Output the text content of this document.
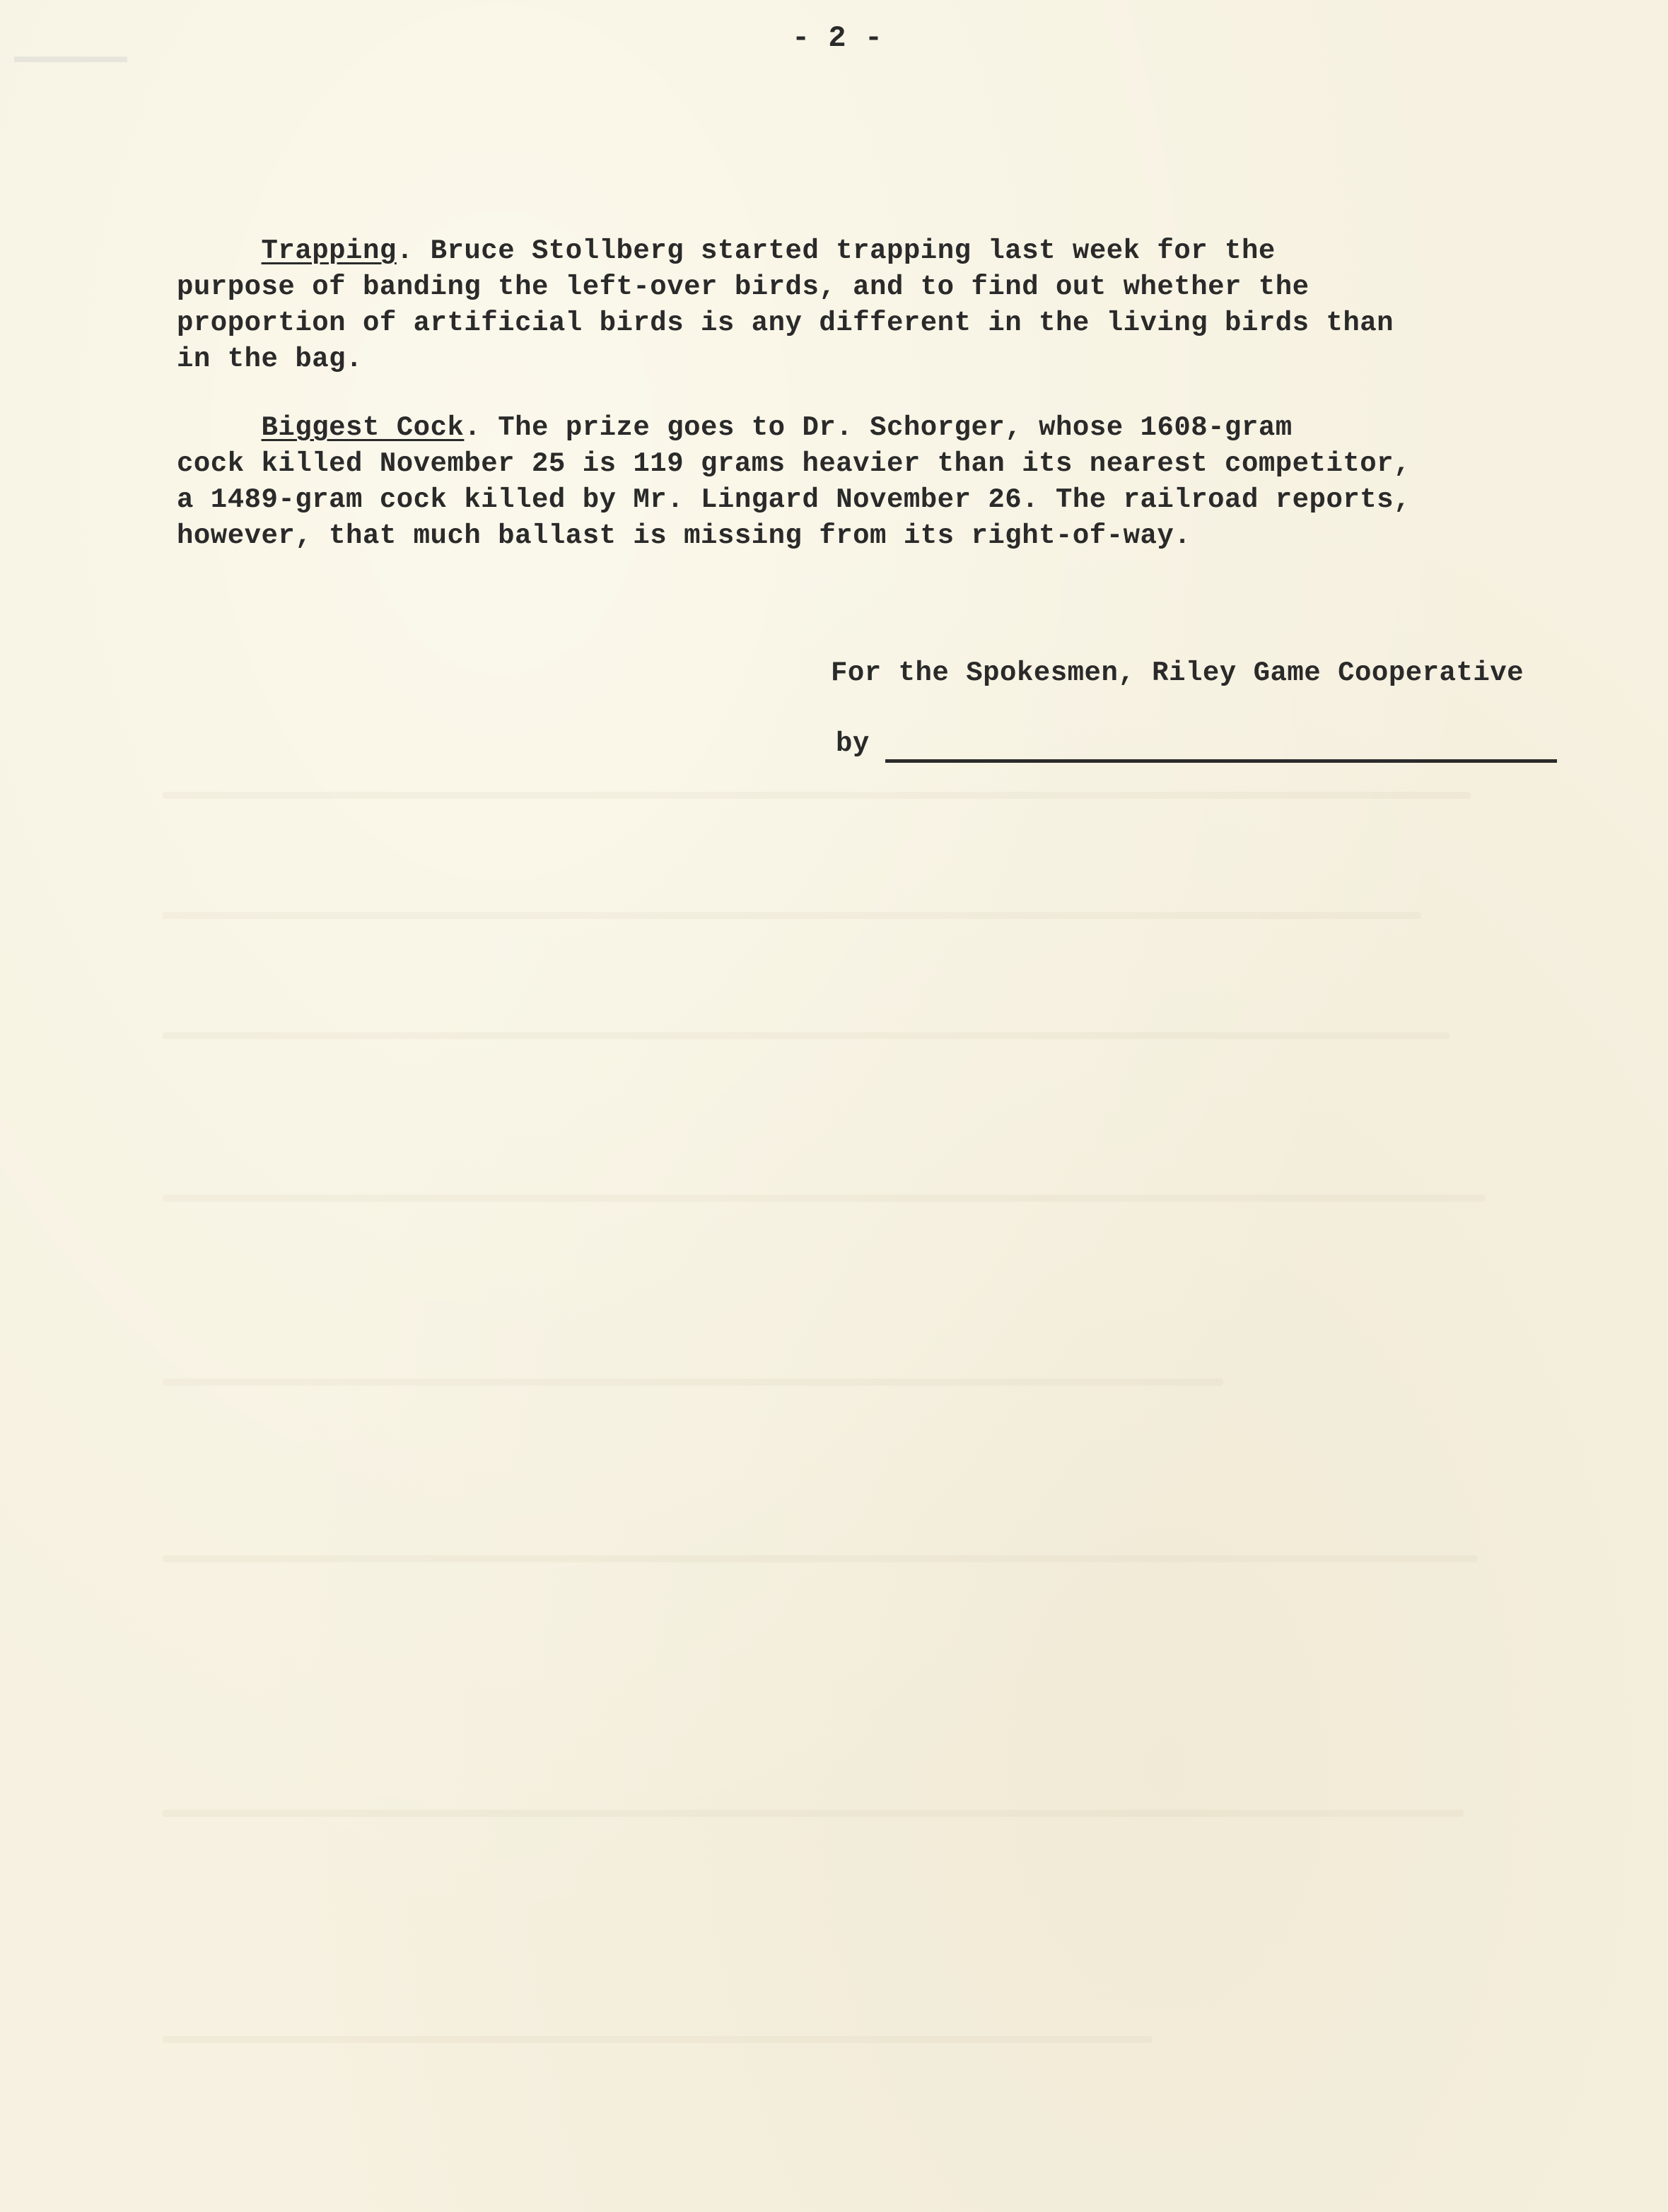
- 2 -
Trapping. Bruce Stollberg started trapping last week for the
purpose of banding the left-over birds, and to find out whether the
proportion of artificial birds is any different in the living birds than
in the bag.
Biggest Cock. The prize goes to Dr. Schorger, whose 1608-gram
cock killed November 25 is 119 grams heavier than its nearest competitor,
a 1489-gram cock killed by Mr. Lingard November 26. The railroad reports,
however, that much ballast is missing from its right-of-way.
For the Spokesmen, Riley Game Cooperative
by
